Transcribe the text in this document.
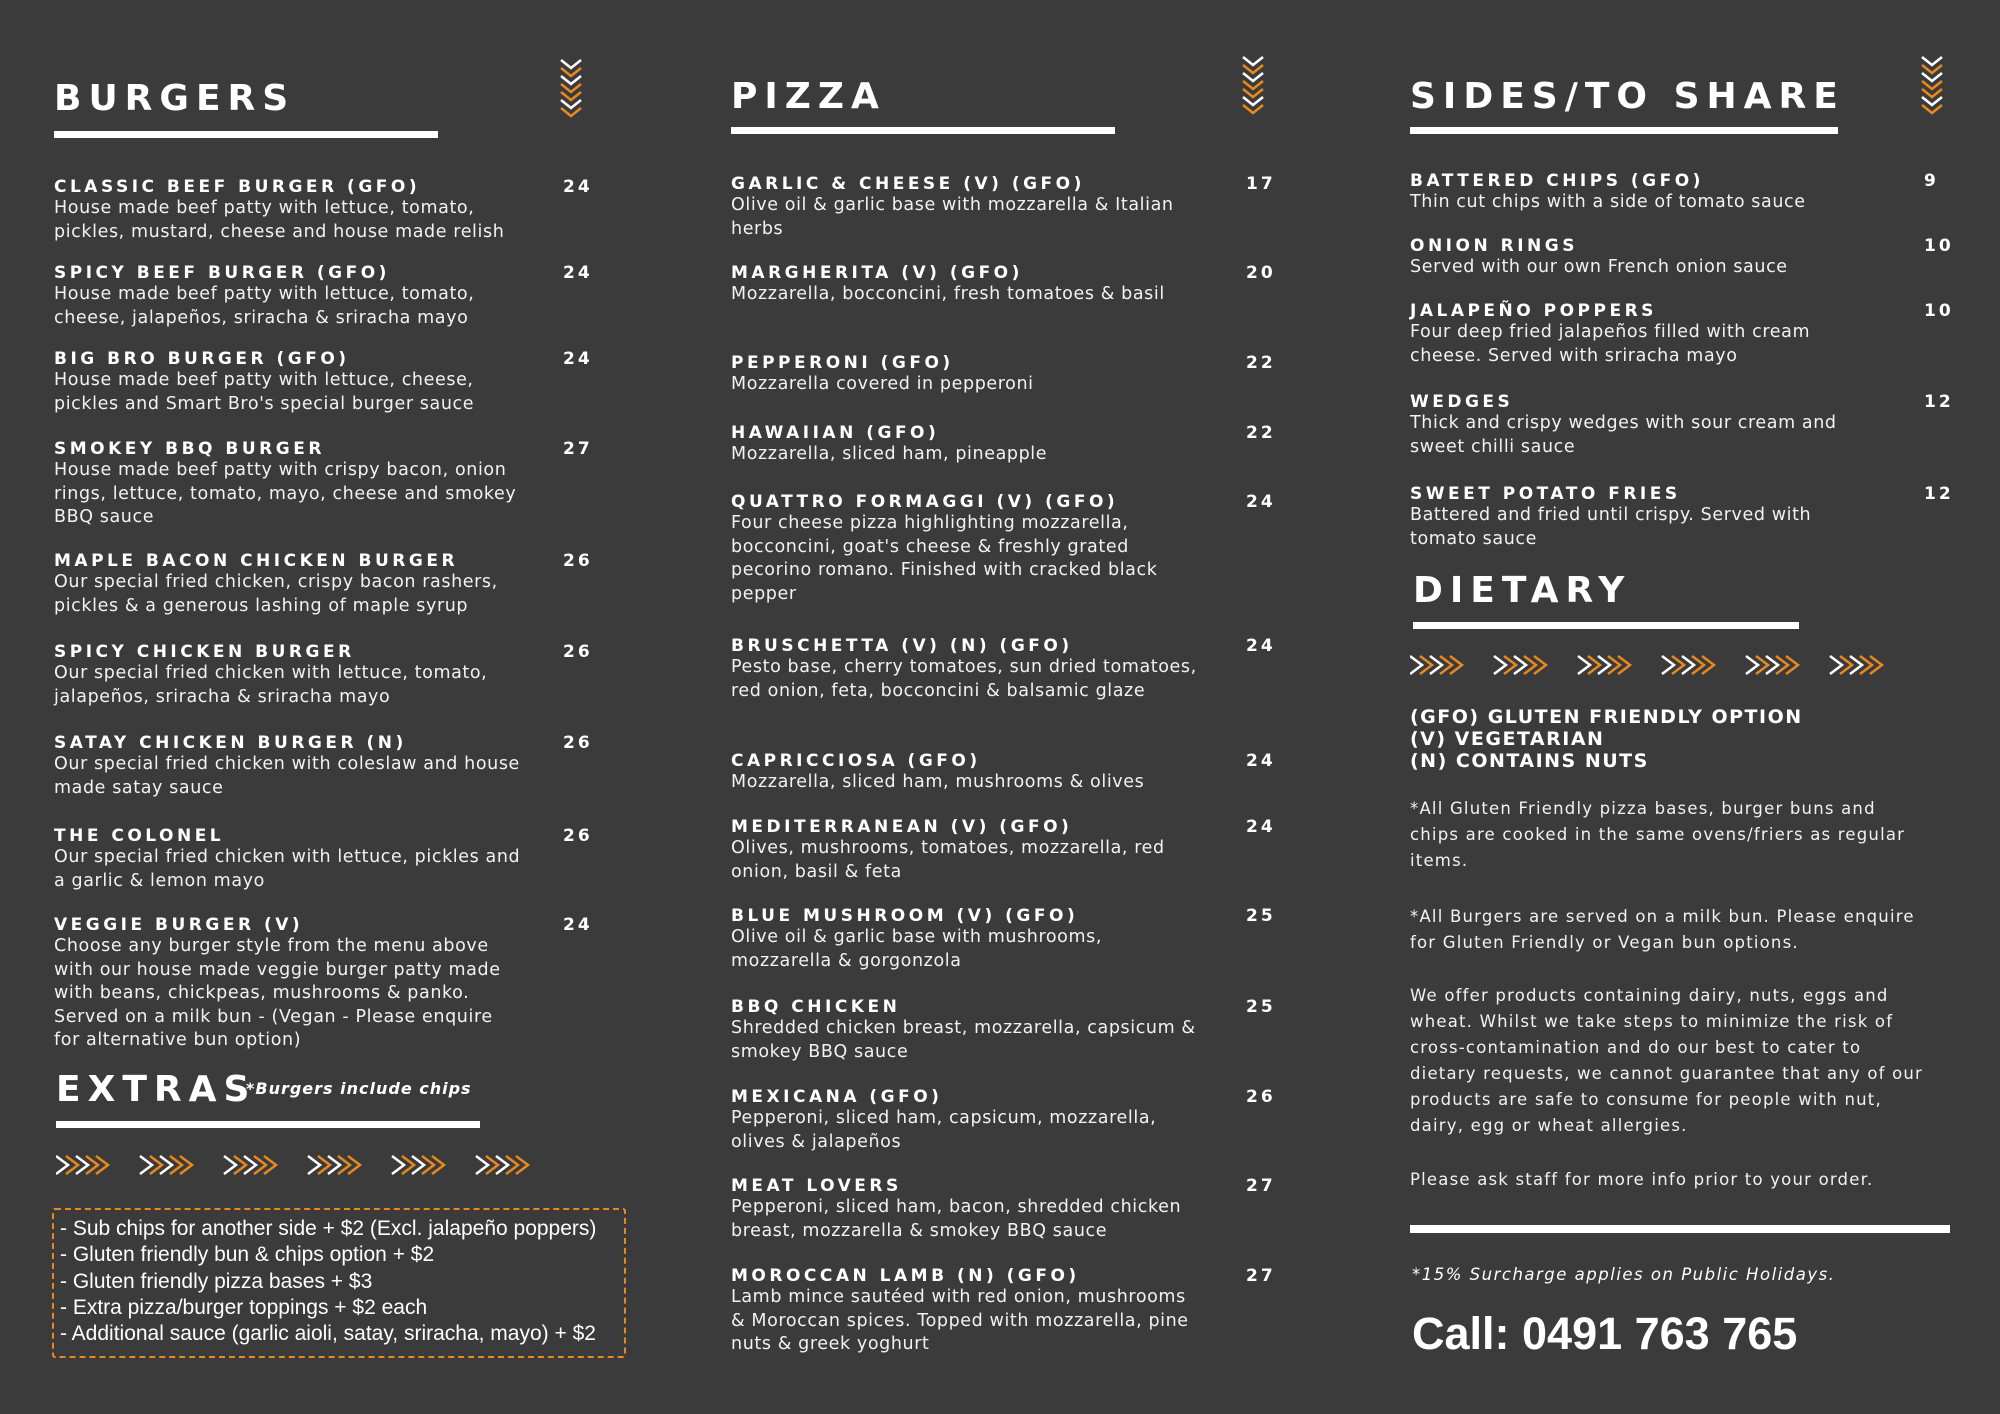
BURGERS
CLASSIC BEEF BURGER (GFO)
House made beef patty with lettuce, tomato, pickles, mustard, cheese and house made relish
24
SPICY BEEF BURGER (GFO)
House made beef patty with lettuce, tomato, cheese, jalapeños, sriracha & sriracha mayo
24
BIG BRO BURGER (GFO)
House made beef patty with lettuce, cheese, pickles and Smart Bro's special burger sauce
24
SMOKEY BBQ BURGER
House made beef patty with crispy bacon, onion rings, lettuce, tomato, mayo, cheese and smokey BBQ sauce
27
MAPLE BACON CHICKEN BURGER
Our special fried chicken, crispy bacon rashers, pickles & a generous lashing of maple syrup
26
SPICY CHICKEN BURGER
Our special fried chicken with lettuce, tomato, jalapeños, sriracha & sriracha mayo
26
SATAY CHICKEN BURGER (N)
Our special fried chicken with coleslaw and house made satay sauce
26
THE COLONEL
Our special fried chicken with lettuce, pickles and a garlic & lemon mayo
26
VEGGIE BURGER (V)
Choose any burger style from the menu above with our house made veggie burger patty made with beans, chickpeas, mushrooms & panko. Served on a milk bun - (Vegan - Please enquire for alternative bun option)
24
EXTRAS
*Burgers include chips
- Sub chips for another side + $2 (Excl. jalapeño poppers)
- Gluten friendly bun & chips option + $2
- Gluten friendly pizza bases + $3
- Extra pizza/burger toppings + $2 each
- Additional sauce (garlic aioli, satay, sriracha, mayo) + $2
PIZZA
GARLIC & CHEESE (V) (GFO)
Olive oil & garlic base with mozzarella & Italian herbs
17
MARGHERITA (V) (GFO)
Mozzarella, bocconcini, fresh tomatoes & basil
20
PEPPERONI (GFO)
Mozzarella covered in pepperoni
22
HAWAIIAN (GFO)
Mozzarella, sliced ham, pineapple
22
QUATTRO FORMAGGI (V) (GFO)
Four cheese pizza highlighting mozzarella, bocconcini, goat's cheese & freshly grated pecorino romano. Finished with cracked black pepper
24
BRUSCHETTA (V) (N) (GFO)
Pesto base, cherry tomatoes, sun dried tomatoes, red onion, feta, bocconcini & balsamic glaze
24
CAPRICCIOSA (GFO)
Mozzarella, sliced ham, mushrooms & olives
24
MEDITERRANEAN (V) (GFO)
Olives, mushrooms, tomatoes, mozzarella, red onion, basil & feta
24
BLUE MUSHROOM (V) (GFO)
Olive oil & garlic base with mushrooms, mozzarella & gorgonzola
25
BBQ CHICKEN
Shredded chicken breast, mozzarella, capsicum & smokey BBQ sauce
25
MEXICANA (GFO)
Pepperoni, sliced ham, capsicum, mozzarella, olives & jalapeños
26
MEAT LOVERS
Pepperoni, sliced ham, bacon, shredded chicken breast, mozzarella & smokey BBQ sauce
27
MOROCCAN LAMB (N) (GFO)
Lamb mince sautéed with red onion, mushrooms & Moroccan spices. Topped with mozzarella, pine nuts & greek yoghurt
27
SIDES/TO SHARE
BATTERED CHIPS (GFO)
Thin cut chips with a side of tomato sauce
9
ONION RINGS
Served with our own French onion sauce
10
JALAPEÑO POPPERS
Four deep fried jalapeños filled with cream cheese. Served with sriracha mayo
10
WEDGES
Thick and crispy wedges with sour cream and sweet chilli sauce
12
SWEET POTATO FRIES
Battered and fried until crispy. Served with tomato sauce
12
DIETARY
(GFO) GLUTEN FRIENDLY OPTION
(V) VEGETARIAN
(N) CONTAINS NUTS
*All Gluten Friendly pizza bases, burger buns and chips are cooked in the same ovens/friers as regular items.
*All Burgers are served on a milk bun. Please enquire for Gluten Friendly or Vegan bun options.
We offer products containing dairy, nuts, eggs and wheat. Whilst we take steps to minimize the risk of cross-contamination and do our best to cater to dietary requests, we cannot guarantee that any of our products are safe to consume for people with nut, dairy, egg or wheat allergies.
Please ask staff for more info prior to your order.
*15% Surcharge applies on Public Holidays.
Call: 0491 763 765
